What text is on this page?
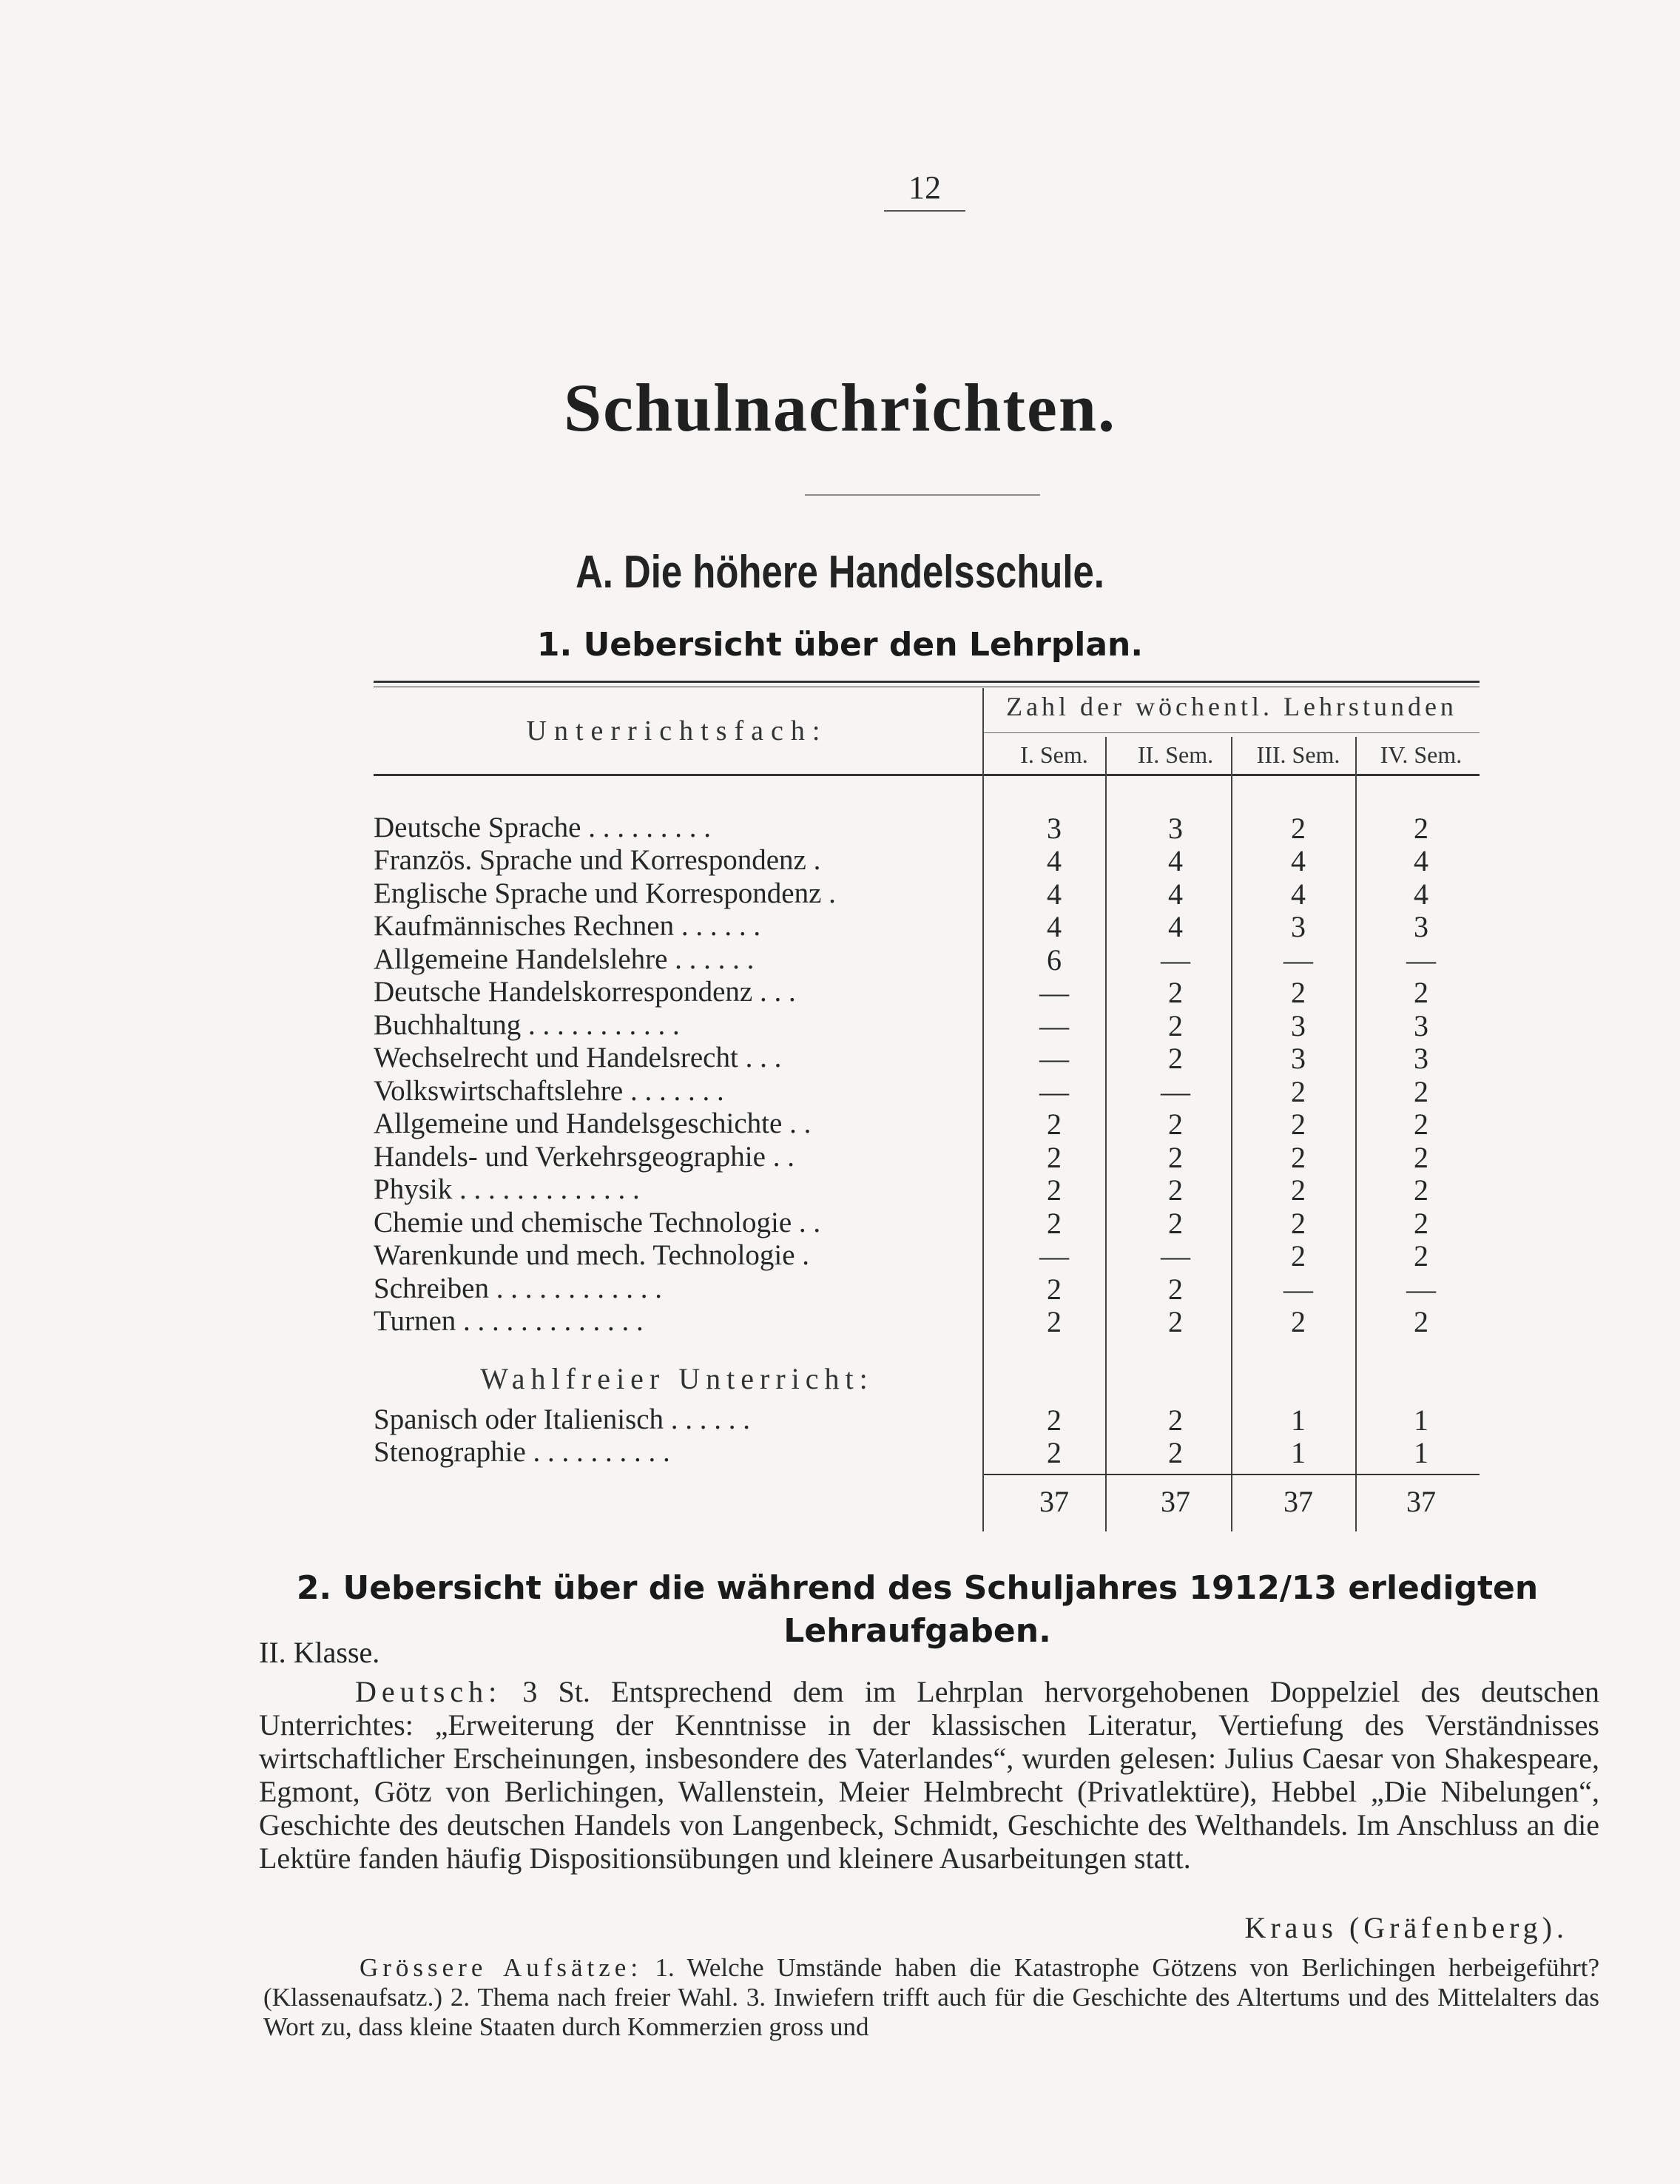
12
Schulnachrichten.
A. Die höhere Handelsschule.
1. Uebersicht über den Lehrplan.
Unterrichtsfach:
Zahl der wöchentl. Lehrstunden
I. Sem.	II. Sem.	III. Sem.	IV. Sem.
Deutsche Sprache . . . . . . . . .	3	3	2	2
Französ. Sprache und Korrespondenz .	4	4	4	4
Englische Sprache und Korrespondenz .	4	4	4	4
Kaufmännisches Rechnen . . . . . .	4	4	3	3
Allgemeine Handelslehre . . . . . .	6	—	—	—
Deutsche Handelskorrespondenz . . .	—	2	2	2
Buchhaltung . . . . . . . . . . .	—	2	3	3
Wechselrecht und Handelsrecht . . .	—	2	3	3
Volkswirtschaftslehre . . . . . . .	—	—	2	2
Allgemeine und Handelsgeschichte . .	2	2	2	2
Handels- und Verkehrsgeographie . .	2	2	2	2
Physik . . . . . . . . . . . . .	2	2	2	2
Chemie und chemische Technologie . .	2	2	2	2
Warenkunde und mech. Technologie .	—	—	2	2
Schreiben . . . . . . . . . . . .	2	2	—	—
Turnen . . . . . . . . . . . . .	2	2	2	2
Wahlfreier Unterricht:
Spanisch oder Italienisch . . . . . .	2	2	1	1
Stenographie . . . . . . . . . .	2	2	1	1
37	37	37	37
2. Uebersicht über die während des Schuljahres 1912/13 erledigten Lehraufgaben.
II. Klasse.
Deutsch: 3 St. Entsprechend dem im Lehrplan hervorgehobenen Doppelziel des deutschen Unterrichtes: „Erweiterung der Kenntnisse in der klassischen Literatur, Vertiefung des Verständnisses wirtschaftlicher Erscheinungen, insbesondere des Vaterlandes“, wurden gelesen: Julius Caesar von Shakespeare, Egmont, Götz von Berlichingen, Wallenstein, Meier Helmbrecht (Privatlektüre), Hebbel „Die Nibelungen“, Geschichte des deutschen Handels von Langenbeck, Schmidt, Geschichte des Welthandels. Im Anschluss an die Lektüre fanden häufig Dispositionsübungen und kleinere Ausarbeitungen statt.
Kraus (Gräfenberg).
Grössere Aufsätze: 1. Welche Umstände haben die Katastrophe Götzens von Berlichingen herbeigeführt? (Klassenaufsatz.) 2. Thema nach freier Wahl. 3. Inwiefern trifft auch für die Geschichte des Altertums und des Mittelalters das Wort zu, dass kleine Staaten durch Kommerzien gross und
